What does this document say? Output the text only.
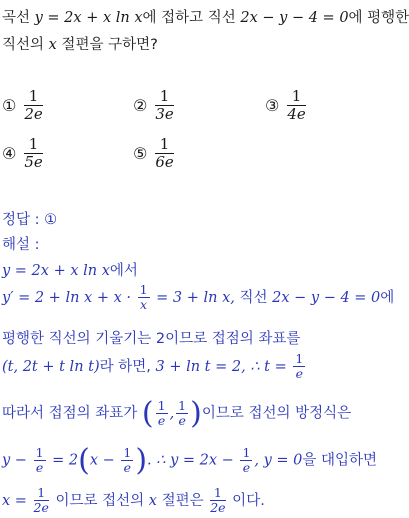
곡선 y = 2x + x ln x에 접하고 직선 2x − y − 4 = 0에 평행한
직선의 x 절편을 구하면?
① $\frac{1}{2e}$	② $\frac{1}{3e}$	③ $\frac{1}{4e}$
④ $\frac{1}{5e}$	⑤ $\frac{1}{6e}$
정답 : ①
해설 :
y = 2x + x ln x에서
$y' = 2 + \ln x + x \cdot \frac{1}{x} = 3 + \ln x$, 직선 2x − y − 4 = 0에
평행한 직선의 기울기는 2이므로 접점의 좌표를
(t, 2t + t ln t)라 하면, 3 + ln t = 2, ∴ $t = \frac{1}{e}$
따라서 접점의 좌표가 ( $\frac{1}{e}$ , $\frac{1}{e}$ )이므로 접선의 방정식은
$y - \frac{1}{e} = 2(x - \frac{1}{e}$ ). ∴ $y = 2x - \frac{1}{e}$ , y = 0을 대입하면
$x = \frac{1}{2e}$ 이므로 접선의 x 절편은 $\frac{1}{2e}$ 이다.
